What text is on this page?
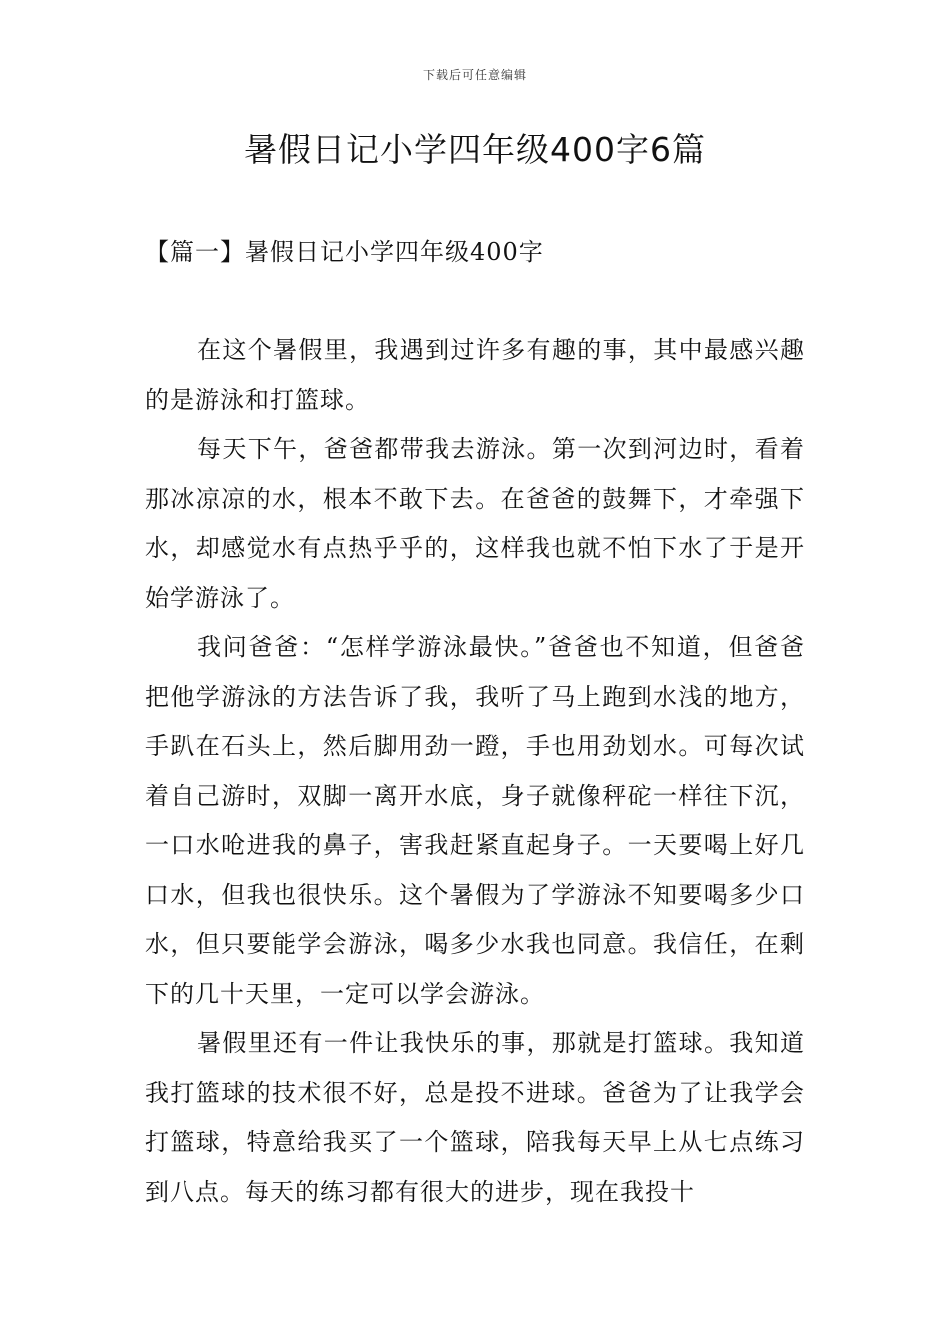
下载后可任意编辑
暑假日记小学四年级400字6篇
【篇一】暑假日记小学四年级400字

在这个暑假里，我遇到过许多有趣的事，其中最感兴趣的是游泳和打篮球。

每天下午，爸爸都带我去游泳。第一次到河边时，看着那冰凉凉的水，根本不敢下去。在爸爸的鼓舞下，才牵强下水，却感觉水有点热乎乎的，这样我也就不怕下水了于是开始学游泳了。

我问爸爸：“怎样学游泳最快。”爸爸也不知道，但爸爸把他学游泳的方法告诉了我，我听了马上跑到水浅的地方，手趴在石头上，然后脚用劲一蹬，手也用劲划水。可每次试着自己游时，双脚一离开水底，身子就像秤砣一样往下沉，一口水呛进我的鼻子，害我赶紧直起身子。一天要喝上好几口水，但我也很快乐。这个暑假为了学游泳不知要喝多少口水，但只要能学会游泳，喝多少水我也同意。我信任，在剩下的几十天里，一定可以学会游泳。

暑假里还有一件让我快乐的事，那就是打篮球。我知道我打篮球的技术很不好，总是投不进球。爸爸为了让我学会打篮球，特意给我买了一个篮球，陪我每天早上从七点练习到八点。每天的练习都有很大的进步，现在我投十
